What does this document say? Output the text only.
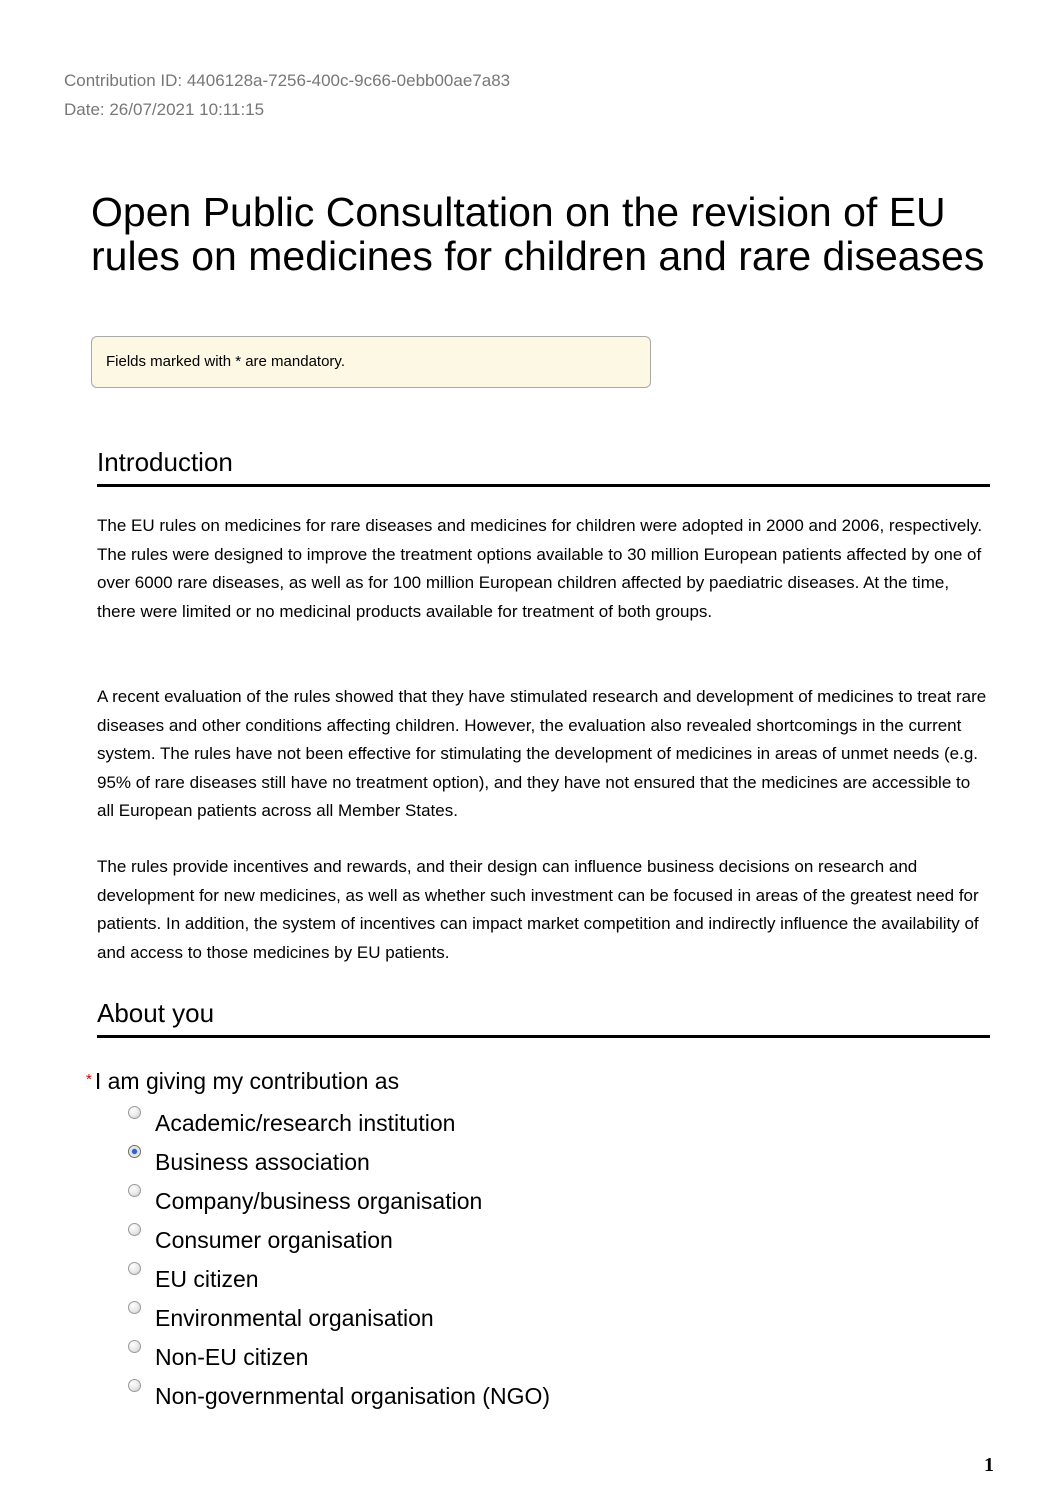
Contribution ID: 4406128a-7256-400c-9c66-0ebb00ae7a83
Date: 26/07/2021 10:11:15
Open Public Consultation on the revision of EU rules on medicines for children and rare diseases
Fields marked with * are mandatory.
Introduction

The EU rules on medicines for rare diseases and medicines for children were adopted in 2000 and 2006, respectively. The rules were designed to improve the treatment options available to 30 million European patients affected by one of over 6000 rare diseases, as well as for 100 million European children affected by paediatric diseases. At the time, there were limited or no medicinal products available for treatment of both groups.

A recent evaluation of the rules showed that they have stimulated research and development of medicines to treat rare diseases and other conditions affecting children. However, the evaluation also revealed shortcomings in the current system. The rules have not been effective for stimulating the development of medicines in areas of unmet needs (e.g. 95% of rare diseases still have no treatment option), and they have not ensured that the medicines are accessible to all European patients across all Member States.

The rules provide incentives and rewards, and their design can influence business decisions on research and development for new medicines, as well as whether such investment can be focused in areas of the greatest need for patients. In addition, the system of incentives can impact market competition and indirectly influence the availability of and access to those medicines by EU patients.

About you
* I am giving my contribution as
Academic/research institution
Business association
Company/business organisation
Consumer organisation
EU citizen
Environmental organisation
Non-EU citizen
Non-governmental organisation (NGO)
1
